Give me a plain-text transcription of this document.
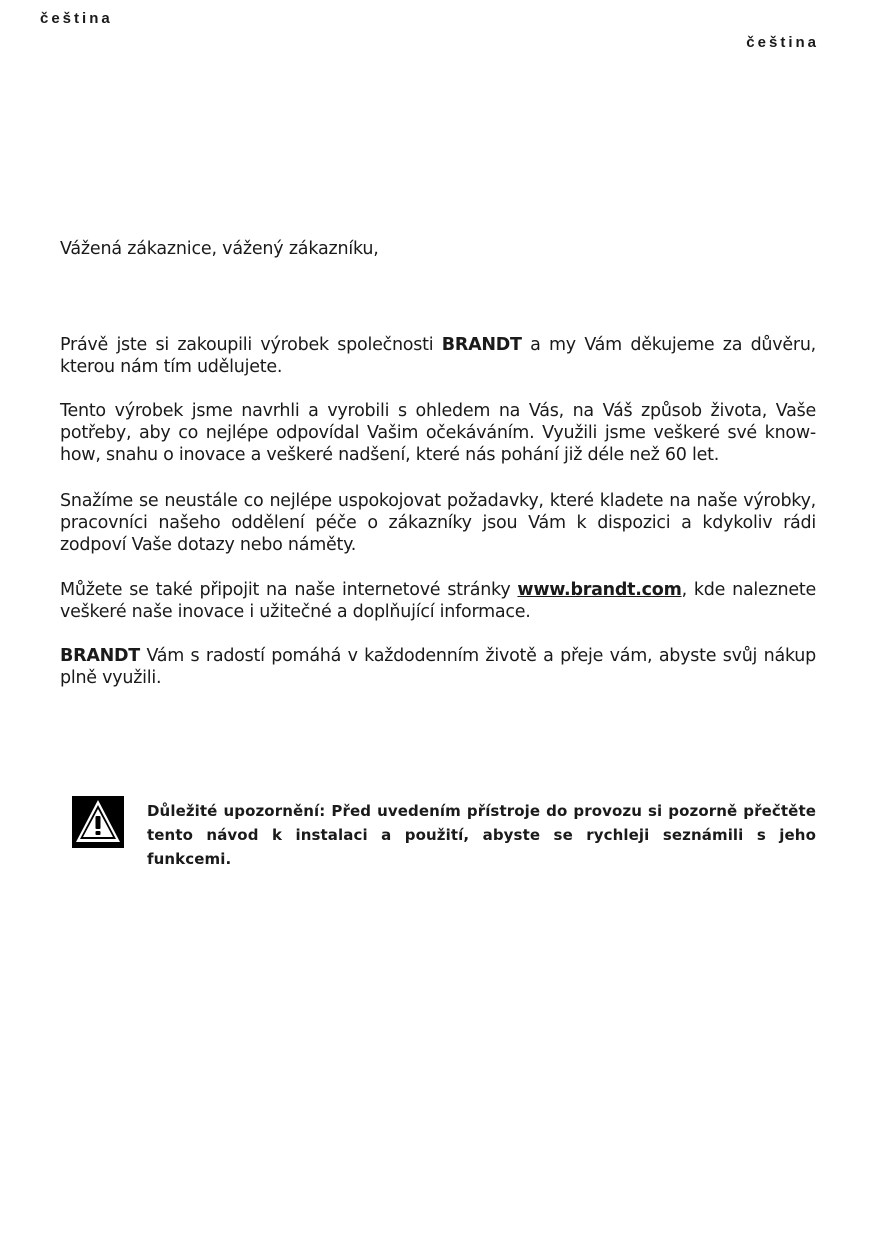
čeština
čeština
Vážená zákaznice, vážený zákazníku,

Právě jste si zakoupili výrobek společnosti BRANDT a my Vám děkujeme za důvěru, kterou nám tím udělujete.

Tento výrobek jsme navrhli a vyrobili s ohledem na Vás, na Váš způsob života, Vaše potřeby, aby co nejlépe odpovídal Vašim očekáváním. Využili jsme veškeré své know-how, snahu o inovace a veškeré nadšení, které nás pohání již déle než 60 let.

Snažíme se neustále co nejlépe uspokojovat požadavky, které kladete na naše výrobky, pracovníci našeho oddělení péče o zákazníky jsou Vám k dispozici a kdykoliv rádi zodpoví Vaše dotazy nebo náměty.

Můžete se také připojit na naše internetové stránky www.brandt.com, kde naleznete veškeré naše inovace i užitečné a doplňující informace.

BRANDT Vám s radostí pomáhá v každodenním životě a přeje vám, abyste svůj nákup plně využili.

Důležité upozornění: Před uvedením přístroje do provozu si pozorně přečtěte tento návod k instalaci a použití, abyste se rychleji seznámili s jeho funkcemi.
